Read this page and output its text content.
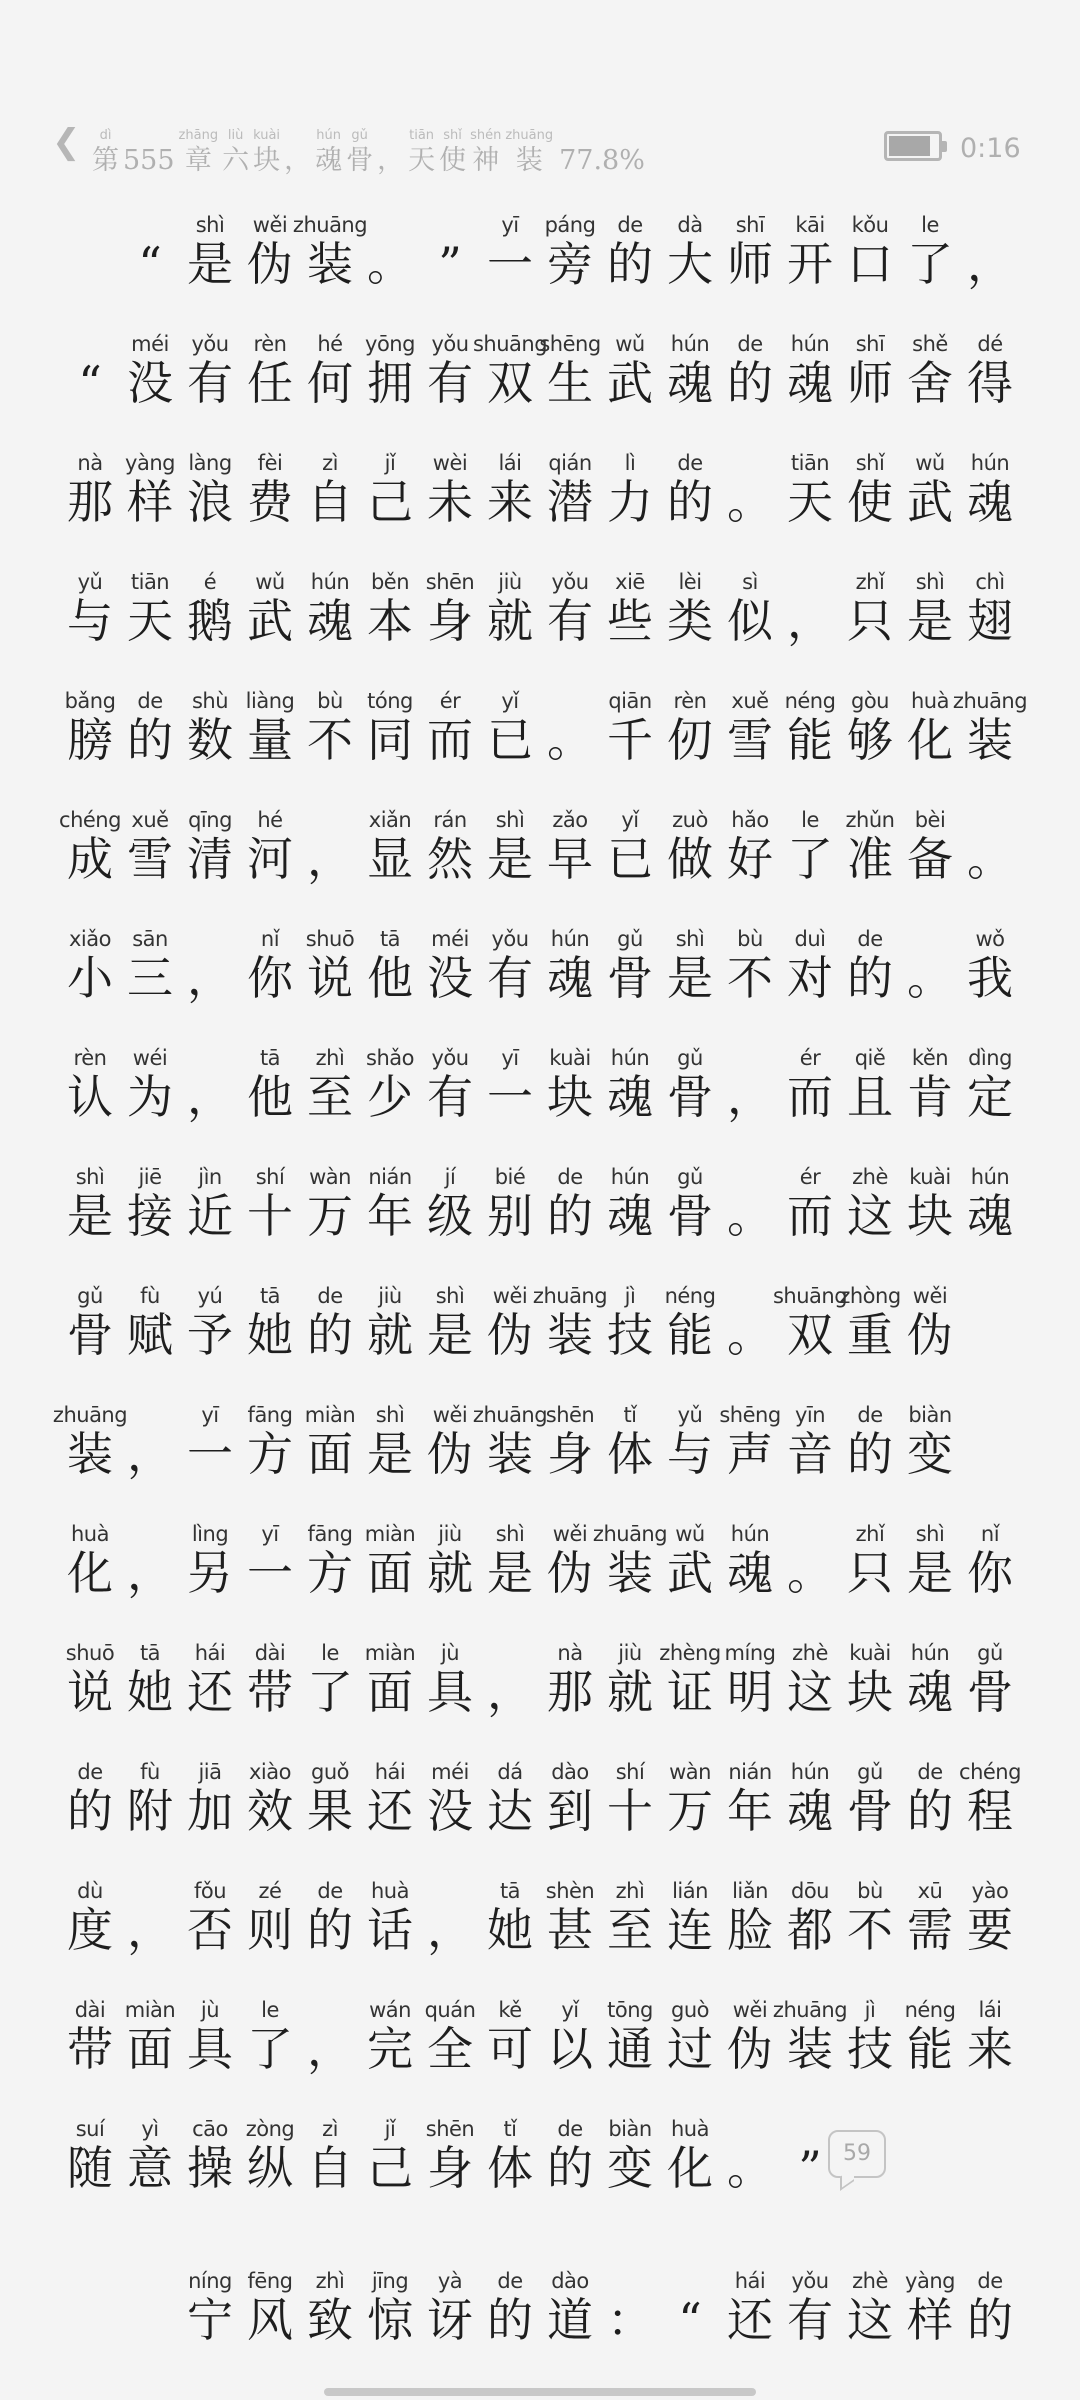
❮ dì
第 555
zhāng
章
liù
六
kuài
块 ，
hún
魂
gǔ
骨 ，
tiān
天
shǐ
使
shén
神
zhuāng
装 77.8%	0:16
“
shì
是
wěi
伪
zhuāng
装 。 ”
yī
一
páng
旁
de
的
dà
大
shī
师
kāi
开
kǒu
口
le
了 ，
“
méi
没
yǒu
有
rèn
任
hé
何
yōng
拥
yǒu
有
shuāng
双
shēng
生
wǔ
武
hún
魂
de
的
hún
魂
shī
师
shě
舍
dé
得
nà
那
yàng
样
làng
浪
fèi
费
zì
自
jǐ
己
wèi
未
lái
来
qián
潜
lì
力
de
的 。
tiān
天
shǐ
使
wǔ
武
hún
魂
yǔ
与
tiān
天
é
鹅
wǔ
武
hún
魂
běn
本
shēn
身
jiù
就
yǒu
有
xiē
些
lèi
类
sì
似 ，
zhǐ
只
shì
是
chì
翅
bǎng
膀
de
的
shù
数
liàng
量
bù
不
tóng
同
ér
而
yǐ
已 。
qiān
千
rèn
仞
xuě
雪
néng
能
gòu
够
huà
化
zhuāng
装
chéng
成
xuě
雪
qīng
清
hé
河 ，
xiǎn
显
rán
然
shì
是
zǎo
早
yǐ
已
zuò
做
hǎo
好
le
了
zhǔn
准
bèi
备 。
xiǎo
小
sān
三 ，
nǐ
你
shuō
说
tā
他
méi
没
yǒu
有
hún
魂
gǔ
骨
shì
是
bù
不
duì
对
de
的 。
wǒ
我
rèn
认
wéi
为 ，
tā
他
zhì
至
shǎo
少
yǒu
有
yī
一
kuài
块
hún
魂
gǔ
骨 ，
ér
而
qiě
且
kěn
肯
dìng
定
shì
是
jiē
接
jìn
近
shí
十
wàn
万
nián
年
jí
级
bié
别
de
的
hún
魂
gǔ
骨 。
ér
而
zhè
这
kuài
块
hún
魂
gǔ
骨
fù
赋
yú
予
tā
她
de
的
jiù
就
shì
是
wěi
伪
zhuāng
装
jì
技
néng
能 。
shuāng
双
zhòng
重
wěi
伪
zhuāng
装 ，
yī
一
fāng
方
miàn
面
shì
是
wěi
伪
zhuāng
装
shēn
身
tǐ
体
yǔ
与
shēng
声
yīn
音
de
的
biàn
变
huà
化 ，
lìng
另
yī
一
fāng
方
miàn
面
jiù
就
shì
是
wěi
伪
zhuāng
装
wǔ
武
hún
魂 。
zhǐ
只
shì
是
nǐ
你
shuō
说
tā
她
hái
还
dài
带
le
了
miàn
面
jù
具 ，
nà
那
jiù
就
zhèng
证
míng
明
zhè
这
kuài
块
hún
魂
gǔ
骨
de
的
fù
附
jiā
加
xiào
效
guǒ
果
hái
还
méi
没
dá
达
dào
到
shí
十
wàn
万
nián
年
hún
魂
gǔ
骨
de
的
chéng
程
dù
度 ，
fǒu
否
zé
则
de
的
huà
话 ，
tā
她
shèn
甚
zhì
至
lián
连
liǎn
脸
dōu
都
bù
不
xū
需
yào
要
dài
带
miàn
面
jù
具
le
了 ，
wán
完
quán
全
kě
可
yǐ
以
tōng
通
guò
过
wěi
伪
zhuāng
装
jì
技
néng
能
lái
来
suí
随
yì
意
cāo
操
zòng
纵
zì
自
jǐ
己
shēn
身
tǐ
体
de
的
biàn
变
huà
化 。 ”
níng
宁
fēng
风
zhì
致
jīng
惊
yà
讶
de
的
dào
道 ： “
hái
还
yǒu
有
zhè
这
yàng
样
de
的
59
